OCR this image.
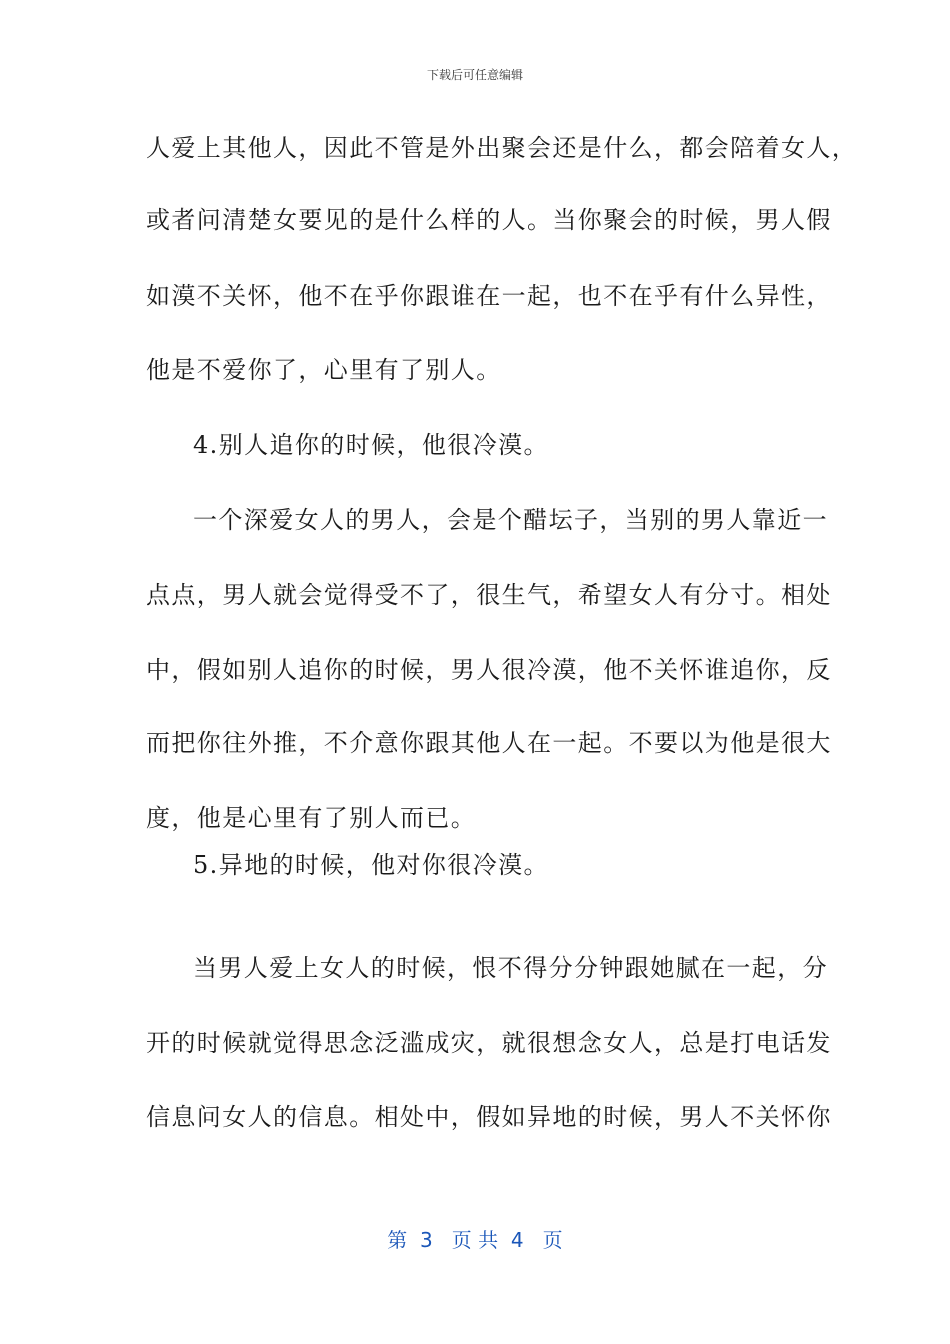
下载后可任意编辑
人爱上其他人，因此不管是外出聚会还是什么，都会陪着女人，
或者问清楚女要见的是什么样的人。当你聚会的时候，男人假
如漠不关怀，他不在乎你跟谁在一起，也不在乎有什么异性，
他是不爱你了，心里有了别人。
4.别人追你的时候，他很冷漠。
一个深爱女人的男人，会是个醋坛子，当别的男人靠近一
点点，男人就会觉得受不了，很生气，希望女人有分寸。相处
中，假如别人追你的时候，男人很冷漠，他不关怀谁追你，反
而把你往外推，不介意你跟其他人在一起。不要以为他是很大
度，他是心里有了别人而已。
5.异地的时候，他对你很冷漠。
当男人爱上女人的时候，恨不得分分钟跟她腻在一起，分
开的时候就觉得思念泛滥成灾，就很想念女人，总是打电话发
信息问女人的信息。相处中，假如异地的时候，男人不关怀你
第  3   页 共  4   页
